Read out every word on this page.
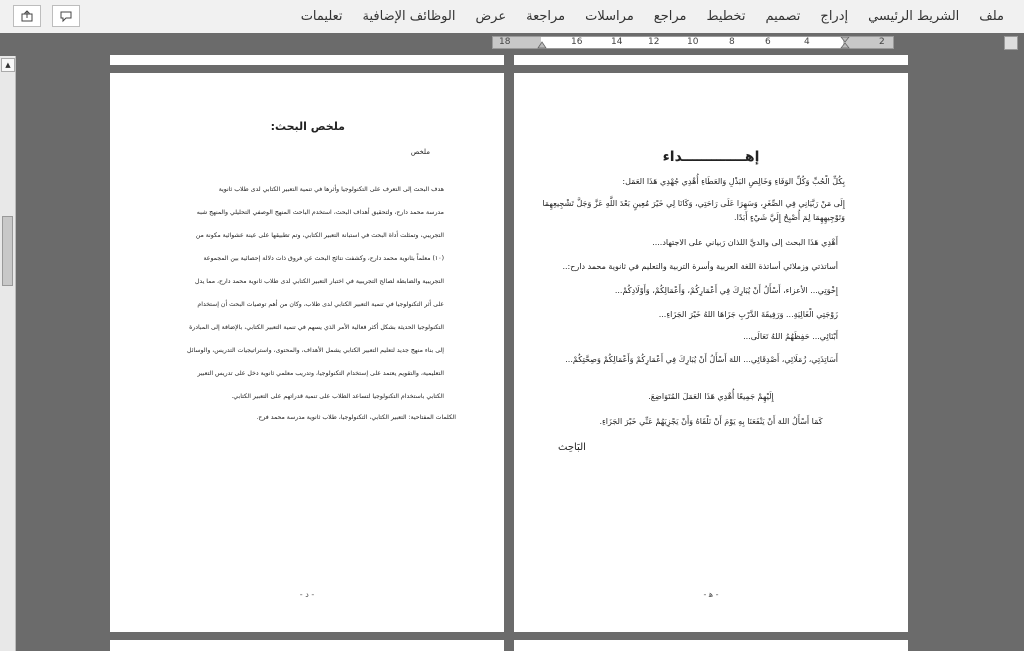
ملف
الشريط الرئيسي
إدراج
تصميم
تخطيط
مراجع
مراسلات
مراجعة
عرض
الوظائف الإضافية
تعليمات
2
4
6
8
10
12
14
16
18
▲
إهـــــــــــــداء
بِكُلِّ الْحُبِّ وَكُلِّ الوَفَاءِ وَخَالِصِ البَذْلِ وَالعَطَاءِ أُهْدِي جُهْدِي هَذَا العَمَل:
إِلَى مَنْ رَبَّيَانِي فِي الصِّغَرِ، وَسَهِرَا عَلَى رَاحَتِي، وَكَانَا لِي خَيْرَ مُعِينٍ بَعْدَ اللَّهِ عَزَّ وَجَلَّ تَشْجِيعِهِمَا وَتَوْجِيهِهِمَا لِمَ أُصْبِحُ إِلَيَّ شَيْءٍ أَبَدًا.
أَهْدِي هَذَا البحث إلى والديَّ اللذان رَبياني على الاجتهاد....
أساتذتي وزملائي أساتذة اللغة العربية وأسرة التربية والتعليم في ثانوية محمد دارح:..
إِخْوَتِي... الأعزاء، أَسْأَلُ أَنْ يُبَارِكَ فِي أَعْمَارِكُمْ، وَأَعْمَالِكُمْ، وَأَوْلَادِكُمْ...
زَوْجَتِي الْغَالِيَةِ... وَرَفِيقَةَ الدَّرْبِ جَزَاهَا اللهُ خَيْرَ الجَزَاءِ...
أَبْنَائِي... حَفِظَهُمُ اللهُ تَعَالَى...
أَسَاتِذَتِي، زُمَلَائِي، أَصْدِقَائِي... اللهَ أَسْأَلُ أَنْ يُبَارِكَ فِي أَعْمَارِكُمْ وَأَعْمَالِكُمْ وَصِحَّتِكُمْ...
إِلَيْهِمْ جَمِيعًا أُهْدِي هَذَا العَمَلَ المُتَوَاضِعَ.
كَمَا أَسْأَلُ اللهَ أَنْ يَنْفَعَنَا بِهِ يَوْمَ أَنْ نَلْقَاهُ وَأَنْ يَجْزِيَهُمْ عَنِّي خَيْرَ الجَزَاءِ.
البَاحِث
- ﻫ -
ملخص البحث:
ملخص
هدف البحث إلى التعرف على التكنولوجيا وأثرها في تنمية التعبير الكتابي لدى طلاب ثانوية
مدرسة محمد دارح، ولتحقيق أهداف البحث، استخدم الباحث المنهج الوصفي التحليلي والمنهج شبه
التجريبي، وتمثلت أداة البحث في استبانة التعبير الكتابي، وتم تطبيقها على عينة عشوائية مكونة من
(١٠) معلماً بثانوية محمد دارح، وكشفت نتائج البحث عن فروق ذات دلالة إحصائية بين المجموعة
التجريبية والضابطة لصالح التجريبية في اختبار التعبير الكتابي لدى طلاب ثانوية محمد دارح، مما يدل
على أثر التكنولوجيا في تنمية التعبير الكتابي لدى طلاب، وكان من أهم توصيات البحث أن إستخدام
التكنولوجيا الحديثة بشكل أكثر فعالية الأمر الذي يسهم في تنمية التعبير الكتابي، بالإضافة إلى المبادرة
إلى بناء منهج جديد لتعليم التعبير الكتابي يشمل الأهداف، والمحتوى، واستراتيجيات التدريس، والوسائل
التعليمية، والتقويم يعتمد على إستخدام التكنولوجيا، وتدريب معلمي ثانوية دخل على تدريس التعبير
الكتابي باستخدام التكنولوجيا لتساعد الطلاب على تنمية قدراتهم على التعبير الكتابي.
الكلمات المفتاحية: التعبير الكتابي، التكنولوجيا، طلاب ثانوية مدرسة محمد فرح.
- د -
